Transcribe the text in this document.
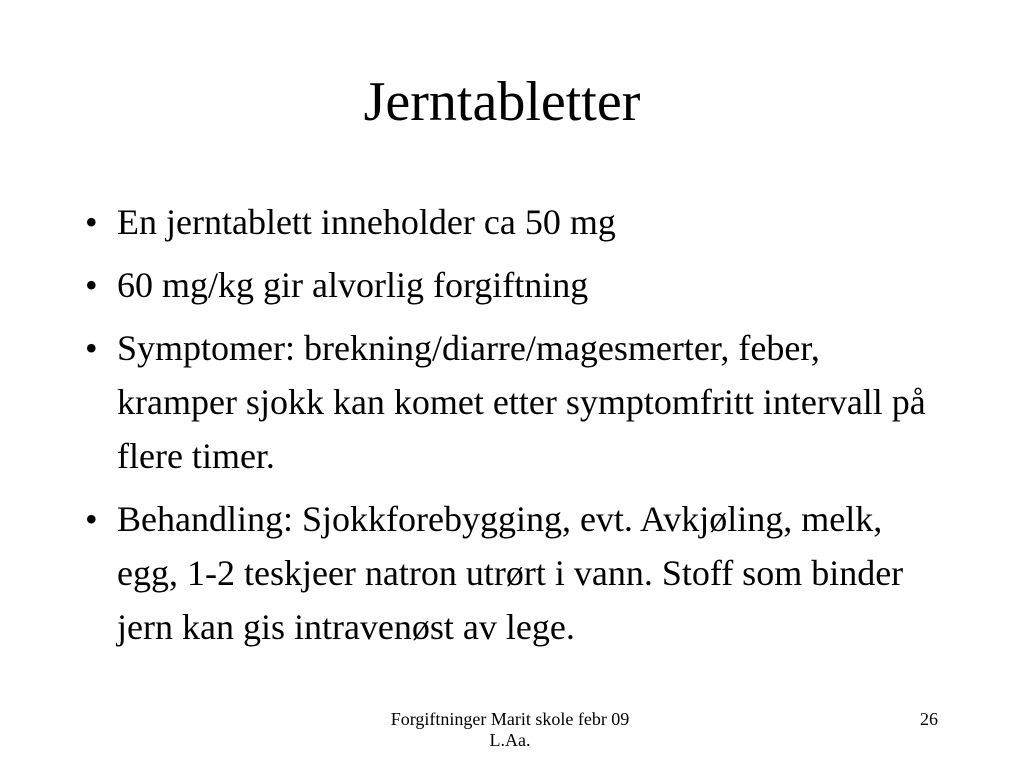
Jerntabletter
• En jerntablett inneholder ca 50 mg
• 60 mg/kg gir alvorlig forgiftning
• Symptomer: brekning/diarre/magesmerter, feber, kramper sjokk kan komet etter symptomfritt intervall på flere timer.
• Behandling: Sjokkforebygging, evt. Avkjøling, melk, egg, 1-2 teskjeer natron utrørt i vann. Stoff som binder jern kan gis intravenøst av lege.
Forgiftninger Marit skole febr 09
L.Aa.
26
